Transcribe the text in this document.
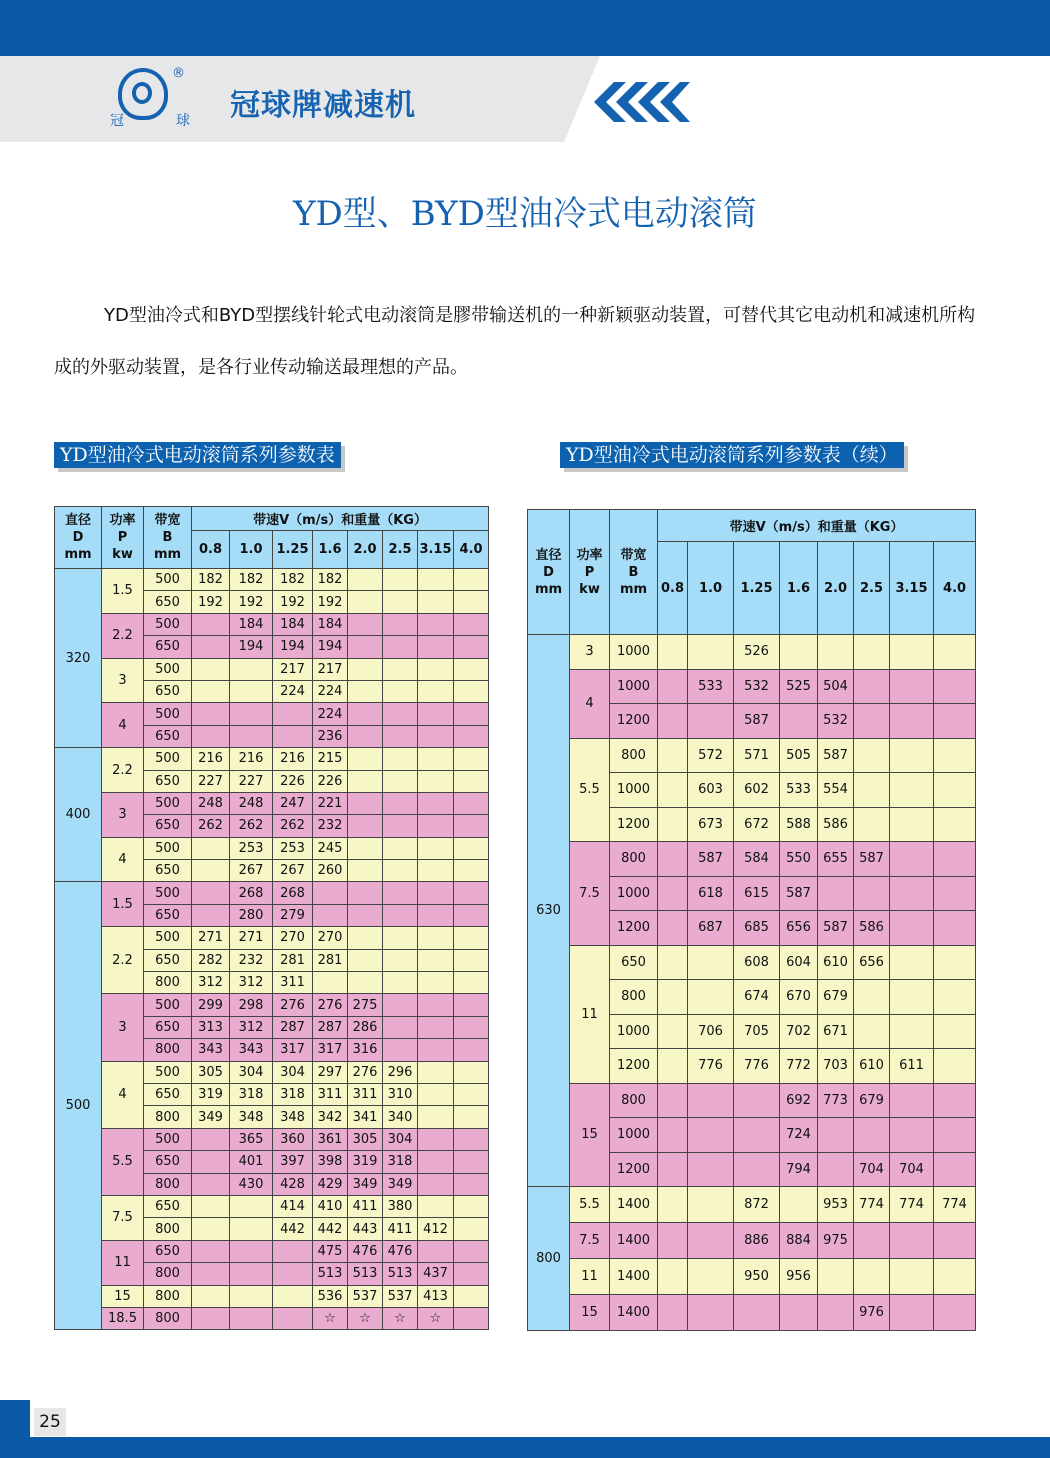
®
冠	球 冠球牌减速机
YD型、BYD型油冷式电动滚筒
YD型油冷式和BYD型摆线针轮式电动滚筒是膠带输送机的一种新颖驱动装置，可替代其它电动机和减速机所构成的外驱动装置，是各行业传动输送最理想的产品。
YD型油冷式电动滚筒系列参数表	YD型油冷式电动滚筒系列参数表（续）
直径
D
mm	功率
P
kw	带宽
B
mm	带速V（m/s）和重量（KG）							
			0.8	1.0	1.25	1.6	2.0	2.5	3.15	4.0
320	1.5	500	182	182	182	182				
		650	192	192	192	192				
	2.2	500		184	184	184				
		650		194	194	194				
	3	500			217	217				
		650			224	224				
	4	500				224				
		650				236				
400	2.2	500	216	216	216	215				
		650	227	227	226	226				
	3	500	248	248	247	221				
		650	262	262	262	232				
	4	500		253	253	245				
		650		267	267	260				
500	1.5	500		268	268					
		650		280	279					
	2.2	500	271	271	270	270				
		650	282	232	281	281				
		800	312	312	311					
	3	500	299	298	276	276	275			
		650	313	312	287	287	286			
		800	343	343	317	317	316			
	4	500	305	304	304	297	276	296		
		650	319	318	318	311	311	310		
		800	349	348	348	342	341	340		
	5.5	500		365	360	361	305	304		
		650		401	397	398	319	318		
		800		430	428	429	349	349		
	7.5	650			414	410	411	380		
		800			442	442	443	411	412	
	11	650				475	476	476		
		800				513	513	513	437	
	15	800				536	537	537	413	
	18.5	800				☆	☆	☆	☆	
直径
D
mm	功率
P
kw	带宽
B
mm	带速V（m/s）和重量（KG）							
			0.8	1.0	1.25	1.6	2.0	2.5	3.15	4.0
630	3	1000			526					
	4	1000		533	532	525	504			
		1200			587		532			
	5.5	800		572	571	505	587			
		1000		603	602	533	554			
		1200		673	672	588	586			
	7.5	800		587	584	550	655	587		
		1000		618	615	587				
		1200		687	685	656	587	586		
	11	650			608	604	610	656		
		800			674	670	679			
		1000		706	705	702	671			
		1200		776	776	772	703	610	611	
	15	800				692	773	679		
		1000				724				
		1200				794		704	704	
800	5.5	1400			872		953	774	774	774
	7.5	1400			886	884	975			
	11	1400			950	956				
	15	1400						976		
25
